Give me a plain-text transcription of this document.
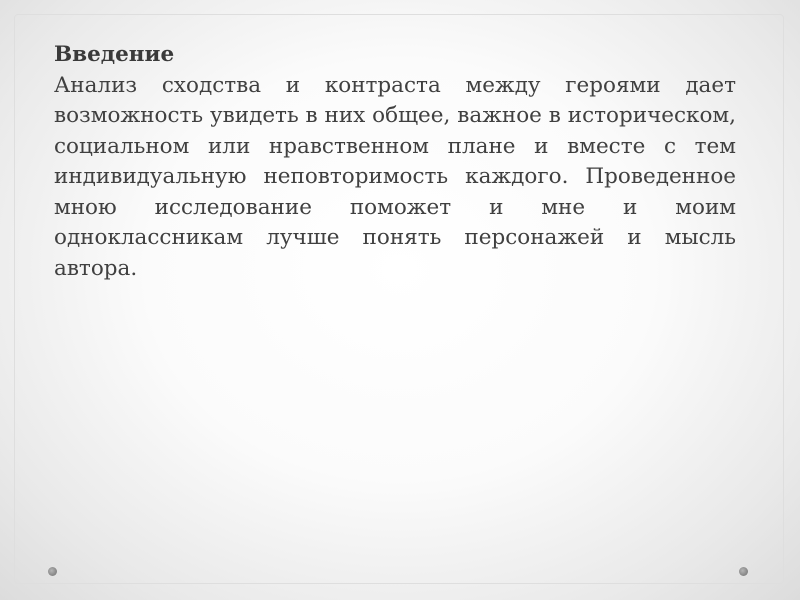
Введение

Анализ сходства и контраста между героями дает возможность увидеть в них общее, важное в историческом, социальном или нравственном плане и вместе с тем индивидуальную неповторимость каждого. Проведенное мною исследование поможет и мне и моим одноклассникам лучше понять персонажей и мысль автора.
